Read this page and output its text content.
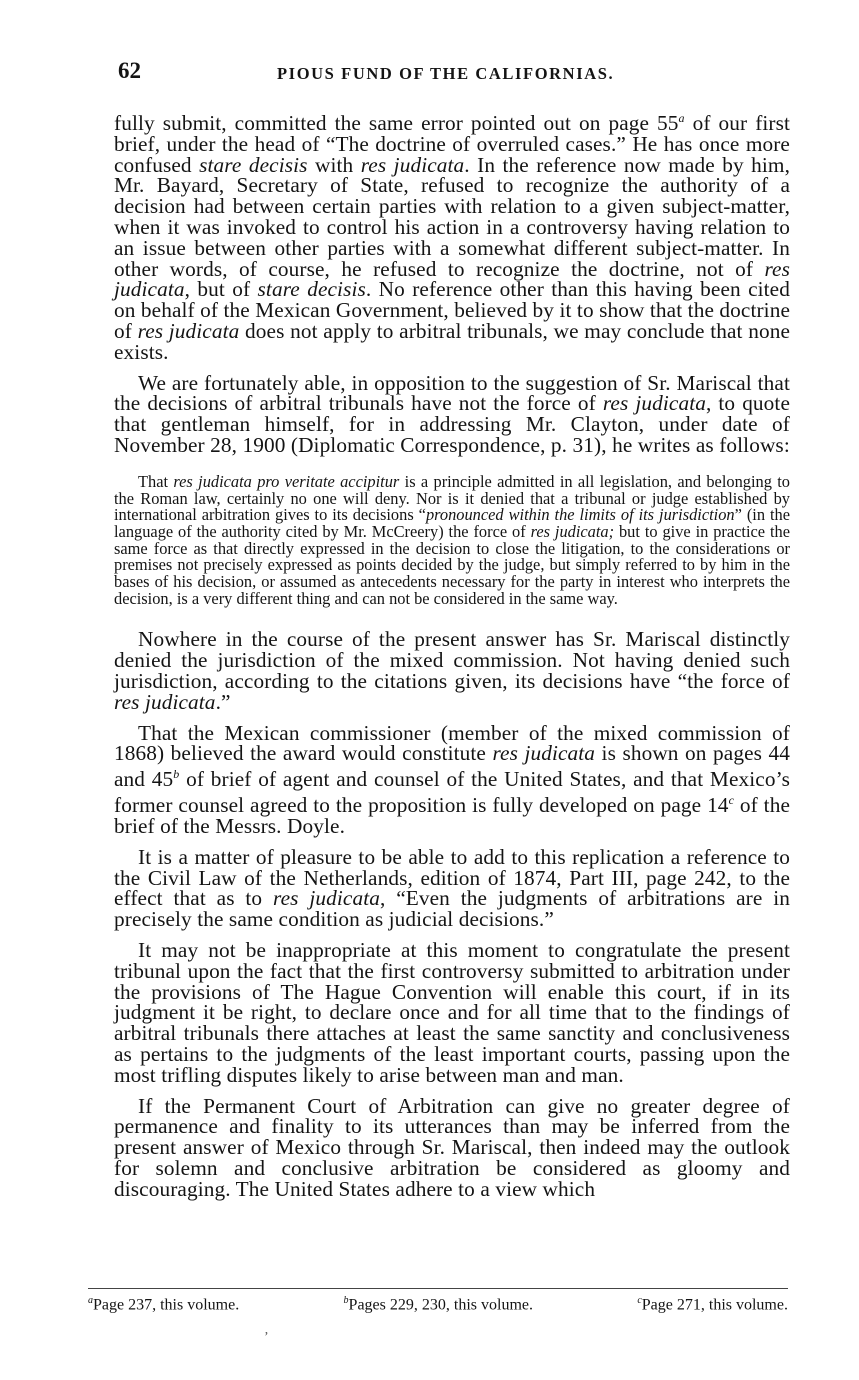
62	PIOUS FUND OF THE CALIFORNIAS.

fully submit, committed the same error pointed out on page 55$^a$ of our first brief, under the head of “The doctrine of overruled cases.” He has once more confused stare decisis with res judicata. In the reference now made by him, Mr. Bayard, Secretary of State, refused to recognize the authority of a decision had between certain parties with relation to a given subject-matter, when it was invoked to control his action in a controversy having relation to an issue between other parties with a somewhat different subject-matter. In other words, of course, he refused to recognize the doctrine, not of res judicata, but of stare decisis. No reference other than this having been cited on behalf of the Mexican Government, believed by it to show that the doctrine of res judicata does not apply to arbitral tribunals, we may conclude that none exists.

We are fortunately able, in opposition to the suggestion of Sr. Mariscal that the decisions of arbitral tribunals have not the force of res judicata, to quote that gentleman himself, for in addressing Mr. Clayton, under date of November 28, 1900 (Diplomatic Correspondence, p. 31), he writes as follows:

That res judicata pro veritate accipitur is a principle admitted in all legislation, and belonging to the Roman law, certainly no one will deny. Nor is it denied that a tribunal or judge established by international arbitration gives to its decisions “pronounced within the limits of its jurisdiction” (in the language of the authority cited by Mr. McCreery) the force of res judicata; but to give in practice the same force as that directly expressed in the decision to close the litigation, to the considerations or premises not precisely expressed as points decided by the judge, but simply referred to by him in the bases of his decision, or assumed as antecedents necessary for the party in interest who interprets the decision, is a very different thing and can not be considered in the same way.

Nowhere in the course of the present answer has Sr. Mariscal distinctly denied the jurisdiction of the mixed commission. Not having denied such jurisdiction, according to the citations given, its decisions have “the force of res judicata.”

That the Mexican commissioner (member of the mixed commission of 1868) believed the award would constitute res judicata is shown on pages 44 and 45$^b$ of brief of agent and counsel of the United States, and that Mexico’s former counsel agreed to the proposition is fully developed on page 14$^c$ of the brief of the Messrs. Doyle.

It is a matter of pleasure to be able to add to this replication a reference to the Civil Law of the Netherlands, edition of 1874, Part III, page 242, to the effect that as to res judicata, “Even the judgments of arbitrations are in precisely the same condition as judicial decisions.”

It may not be inappropriate at this moment to congratulate the present tribunal upon the fact that the first controversy submitted to arbitration under the provisions of The Hague Convention will enable this court, if in its judgment it be right, to declare once and for all time that to the findings of arbitral tribunals there attaches at least the same sanctity and conclusiveness as pertains to the judgments of the least important courts, passing upon the most trifling disputes likely to arise between man and man.

If the Permanent Court of Arbitration can give no greater degree of permanence and finality to its utterances than may be inferred from the present answer of Mexico through Sr. Mariscal, then indeed may the outlook for solemn and conclusive arbitration be considered as gloomy and discouraging. The United States adhere to a view which

$^a$Page 237, this volume.	$^b$Pages 229, 230, this volume.	$^c$Page 271, this volume.
’
